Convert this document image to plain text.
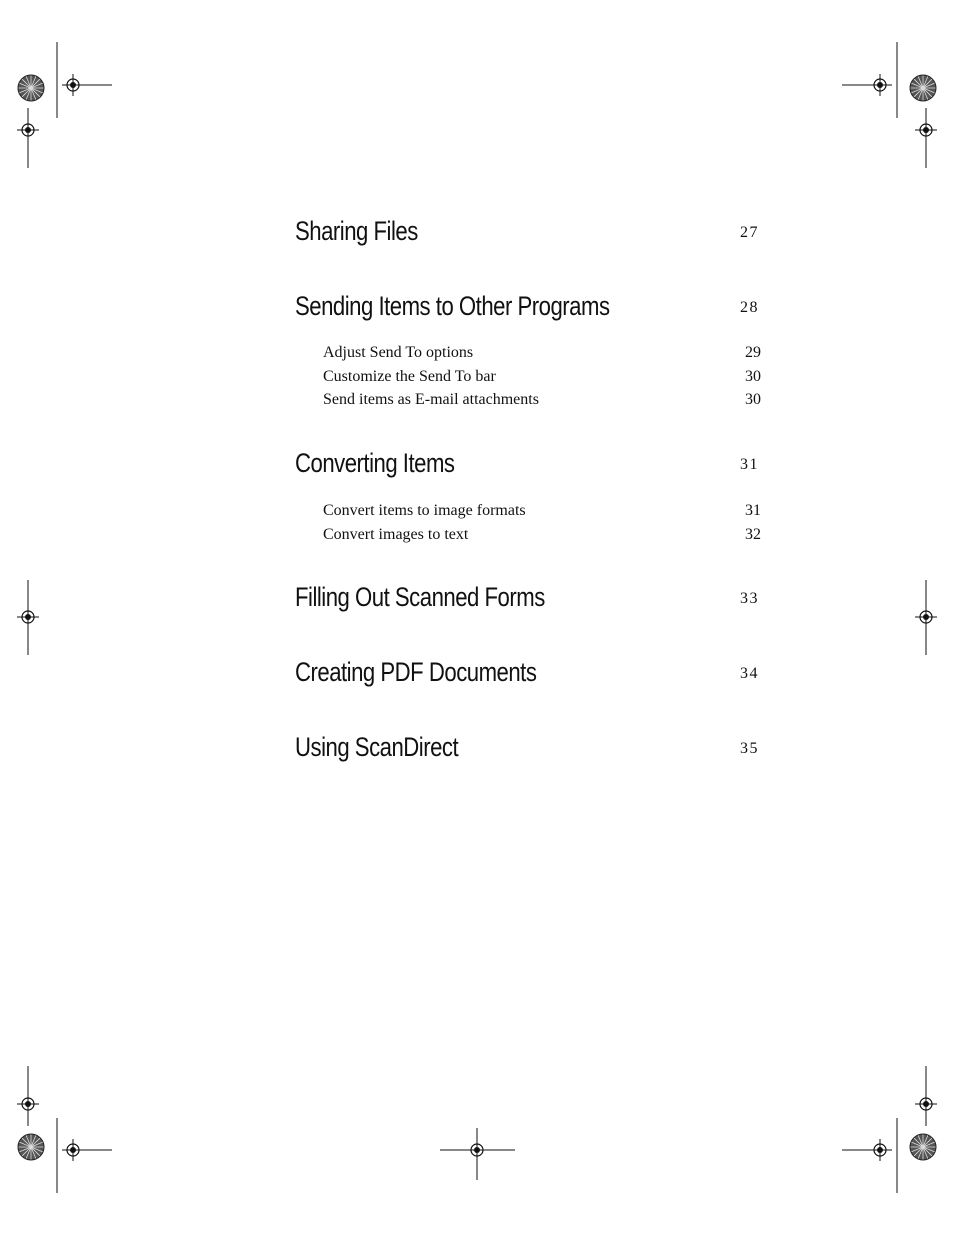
Sharing Files	27
Sending Items to Other Programs	28
Adjust Send To options	29
Customize the Send To bar	30
Send items as E-mail attachments	30
Converting Items	31
Convert items to image formats	31
Convert images to text	32
Filling Out Scanned Forms	33
Creating PDF Documents	34
Using ScanDirect	35
